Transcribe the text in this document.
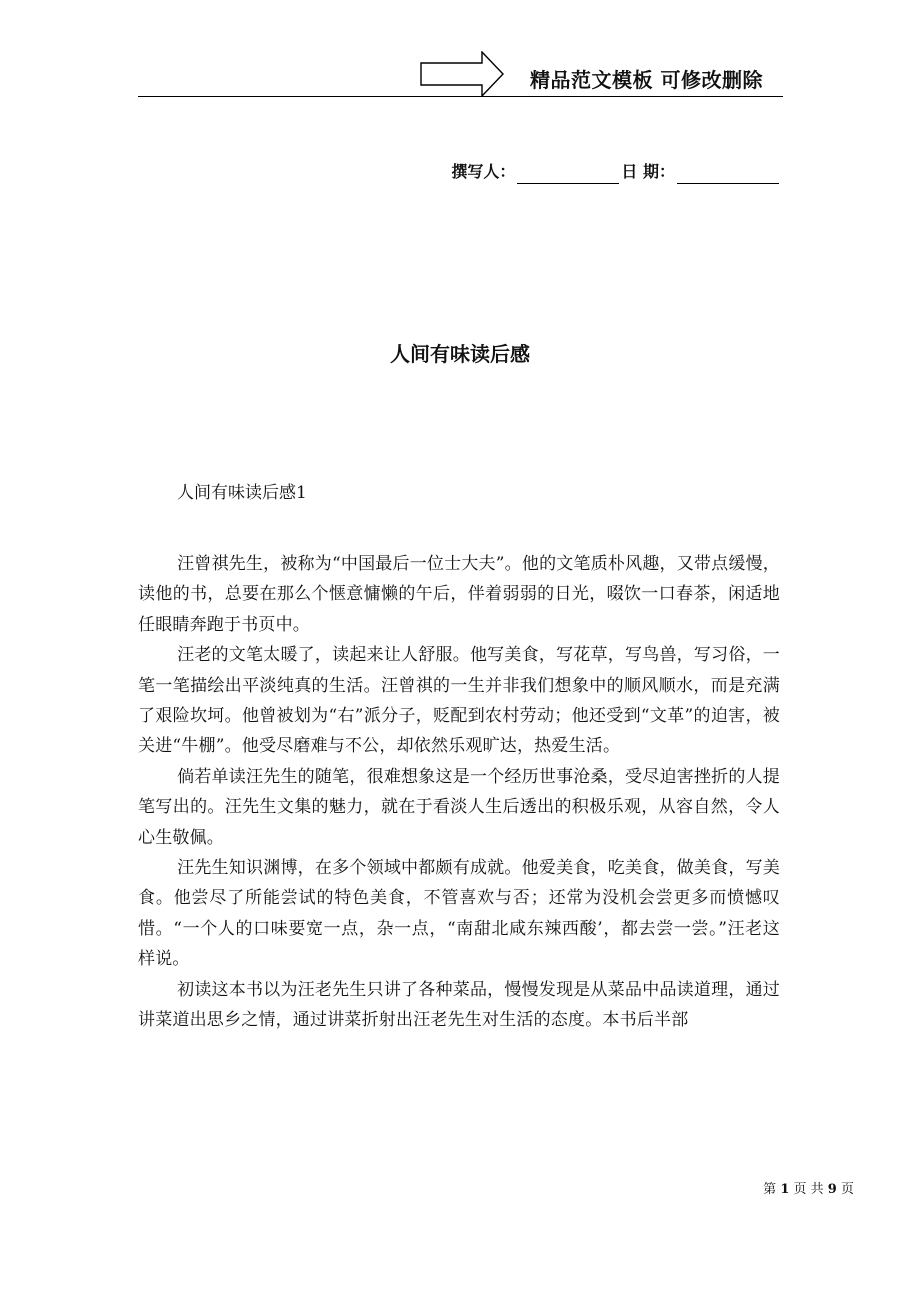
精品范文模板 可修改删除
撰写人：	日 期：
人间有味读后感
人间有味读后感1

汪曾祺先生，被称为“中国最后一位士大夫”。他的文笔质朴风趣，又带点缓慢，读他的书，总要在那么个惬意慵懒的午后，伴着弱弱的日光，啜饮一口春茶，闲适地任眼睛奔跑于书页中。

汪老的文笔太暖了，读起来让人舒服。他写美食，写花草，写鸟兽，写习俗，一笔一笔描绘出平淡纯真的生活。汪曾祺的一生并非我们想象中的顺风顺水，而是充满了艰险坎坷。他曾被划为“右”派分子，贬配到农村劳动；他还受到“文革”的迫害，被关进“牛棚”。他受尽磨难与不公，却依然乐观旷达，热爱生活。

倘若单读汪先生的随笔，很难想象这是一个经历世事沧桑，受尽迫害挫折的人提笔写出的。汪先生文集的魅力，就在于看淡人生后透出的积极乐观，从容自然，令人心生敬佩。

汪先生知识渊博，在多个领域中都颇有成就。他爱美食，吃美食，做美食，写美食。他尝尽了所能尝试的特色美食，不管喜欢与否；还常为没机会尝更多而愤憾叹惜。“一个人的口味要宽一点，杂一点，“南甜北咸东辣西酸’，都去尝一尝。”汪老这样说。

初读这本书以为汪老先生只讲了各种菜品，慢慢发现是从菜品中品读道理，通过讲菜道出思乡之情，通过讲菜折射出汪老先生对生活的态度。本书后半部

第 1 页 共 9 页
